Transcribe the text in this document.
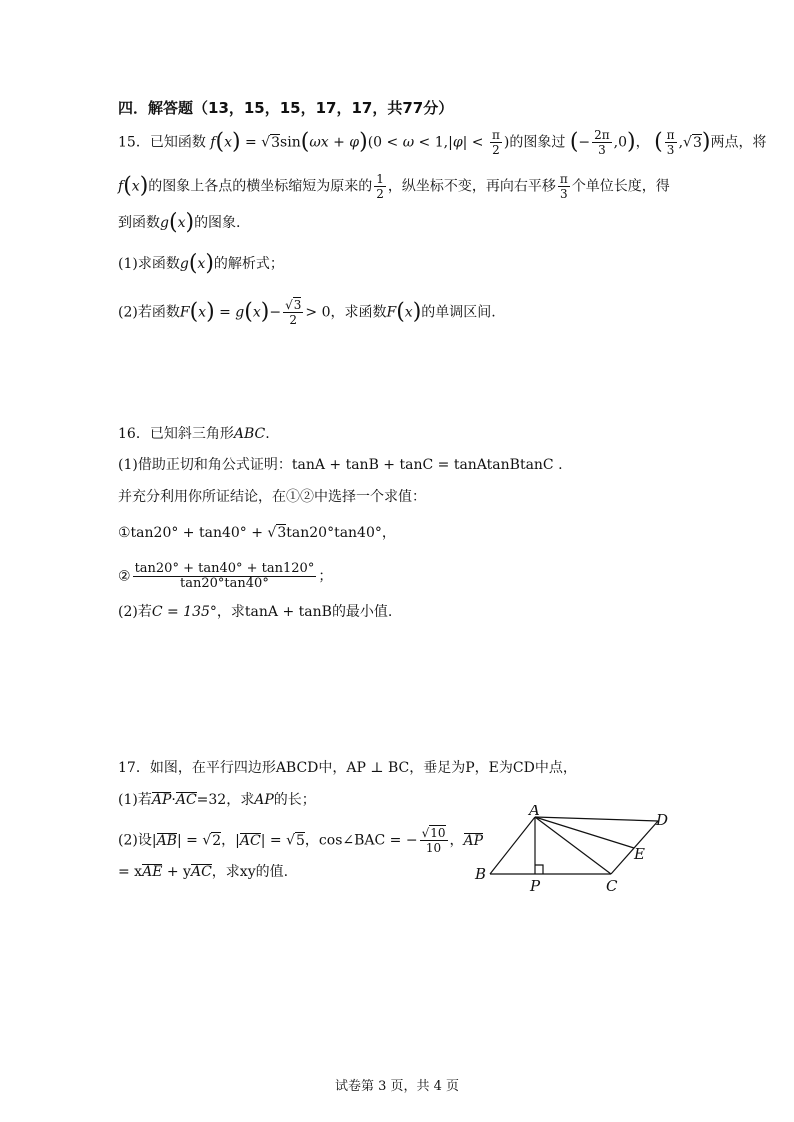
四．解答题（13，15，15，17，17，共77分）
15．已知函数 $f(x) = √3\sin(\omega x + \varphi)(0 < \omega < 1,|\varphi| < \frac{\pi}{2}$ )的图象过 (− $\frac{2\pi}{3} ,0$)， ( $\frac{\pi}{3} ,√3$)两点，将
f(x)的图象上各点的横坐标缩短为原来的 $\frac{1}{2}$ ，纵坐标不变，再向右平移 $\frac{\pi}{3}$ 个单位长度，得
到函数g(x)的图象.
(1)求函数g(x)的解析式；
(2)若函数$F(x) = g(x)- \frac{√3}{2} > 0$，求函数F(x)的单调区间.
16．已知斜三角形ABC.
(1)借助正切和角公式证明：tanA + tanB + tanC = tanAtanBtanC .
并充分利用你所证结论，在①②中选择一个求值：
①tan20° + tan40° + √3tan20°tan40°，
② $\frac{\tan 20^\circ + \tan 40^\circ + \tan 120^\circ}{\tan 20^\circ\tan 40^\circ}$ ；
(2)若C = 135°，求tanA + tanB的最小值.
17．如图，在平行四边形ABCD中，AP ⊥ BC，垂足为P，E为CD中点，
(1)若AP·AC=32，求AP的长；
(2)设|AB| = √2，|AC| = √5，cos∠BAC = − $\frac{√10}{10}$ ，AP
= xAE + yAC，求xy的值.
A
B
C
D
E
P
试卷第 3 页，共 4 页
